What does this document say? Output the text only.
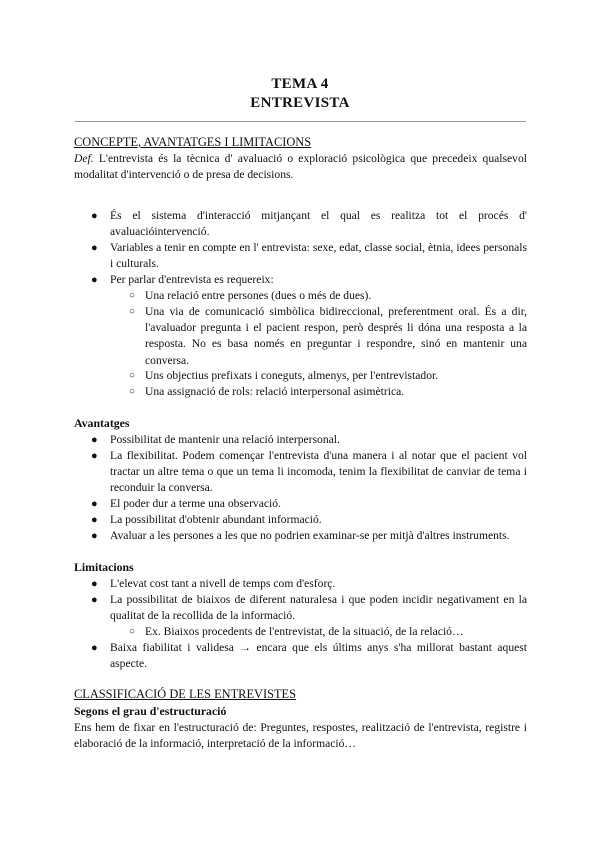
TEMA 4
ENTREVISTA
CONCEPTE, AVANTATGES I LIMITACIONS
Def. L'entrevista és la tècnica d' avaluació o exploració psicològica que precedeix qualsevol modalitat d'intervenció o de presa de decisions.
● És el sistema d'interacció mitjançant el qual es realitza tot el procés d' avaluacióintervenció.
● Variables a tenir en compte en l' entrevista: sexe, edat, classe social, ètnia, idees personals i culturals.
● Per parlar d'entrevista es requereix:
○ Una relació entre persones (dues o més de dues).
○ Una via de comunicació simbòlica bidireccional, preferentment oral. És a dir, l'avaluador pregunta i el pacient respon, però després li dóna una resposta a la resposta. No es basa només en preguntar i respondre, sinó en mantenir una conversa.
○ Uns objectius prefixats i coneguts, almenys, per l'entrevistador.
○ Una assignació de rols: relació interpersonal asimètrica.
Avantatges
● Possibilitat de mantenir una relació interpersonal.
● La flexibilitat. Podem començar l'entrevista d'una manera i al notar que el pacient vol tractar un altre tema o que un tema li incomoda, tenim la flexibilitat de canviar de tema i reconduir la conversa.
● El poder dur a terme una observació.
● La possibilitat d'obtenir abundant informació.
● Avaluar a les persones a les que no podrien examinar-se per mitjà d'altres instruments.
Limitacions
● L'elevat cost tant a nivell de temps com d'esforç.
● La possibilitat de biaixos de diferent naturalesa i que poden incidir negativament en la qualitat de la recollida de la informació.
○ Ex. Biaixos procedents de l'entrevistat, de la situació, de la relació…
● Baixa fiabilitat i validesa → encara que els últims anys s'ha millorat bastant aquest aspecte.
CLASSIFICACIÓ DE LES ENTREVISTES
Segons el grau d'estructuració
Ens hem de fixar en l'estructuració de: Preguntes, respostes, realització de l'entrevista, registre i elaboració de la informació, interpretació de la informació…
